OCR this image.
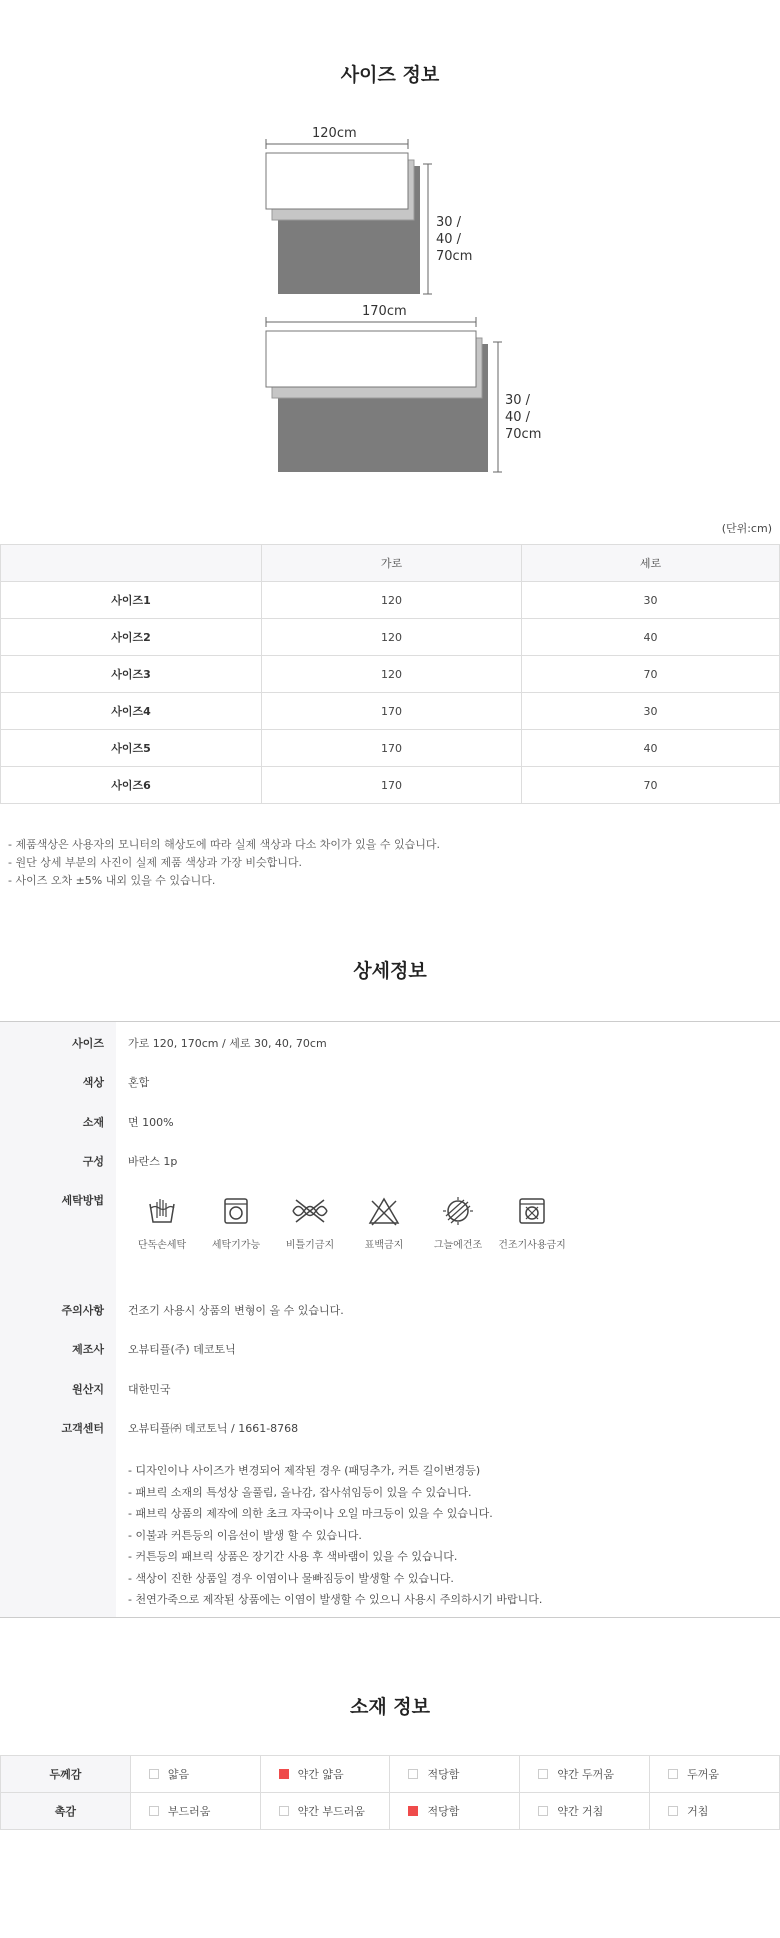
사이즈 정보
120cm
30 /
40 /
70cm
170cm
30 /
40 /
70cm
(단위:cm)
	가로	세로
사이즈1	120	30
사이즈2	120	40
사이즈3	120	70
사이즈4	170	30
사이즈5	170	40
사이즈6	170	70
- 제품색상은 사용자의 모니터의 해상도에 따라 실제 색상과 다소 차이가 있을 수 있습니다.
- 원단 상세 부분의 사진이 실제 제품 색상과 가장 비슷합니다.
- 사이즈 오차 ±5% 내외 있을 수 있습니다.
상세정보
사이즈 가로 120, 170cm / 세로 30, 40, 70cm
색상 혼합
소재 면 100%
구성 바란스 1p
세탁방법
단독손세탁	세탁기가능	비틀기금지	표백금지	그늘에건조	건조기사용금지
주의사항 건조기 사용시 상품의 변형이 올 수 있습니다.
제조사 오뷰티플(주) 데코토닉
원산지 대한민국
고객센터 오뷰티플㈜ 데코토닉 / 1661-8768
- 디자인이나 사이즈가 변경되어 제작된 경우 (패딩추가, 커튼 길이변경등)
- 패브릭 소재의 특성상 올풀림, 올나감, 잡사섞임등이 있을 수 있습니다.
- 패브릭 상품의 제작에 의한 초크 자국이나 오일 마크등이 있을 수 있습니다.
- 이불과 커튼등의 이음선이 발생 할 수 있습니다.
- 커튼등의 패브릭 상품은 장기간 사용 후 색바램이 있을 수 있습니다.
- 색상이 진한 상품일 경우 이염이나 물빠짐등이 발생할 수 있습니다.
- 천연가죽으로 제작된 상품에는 이염이 발생할 수 있으니 사용시 주의하시기 바랍니다.
소재 정보
두께감	얇음	약간 얇음	적당함	약간 두꺼움	두꺼움
촉감	부드러움	약간 부드러움	적당함	약간 거침	거침
